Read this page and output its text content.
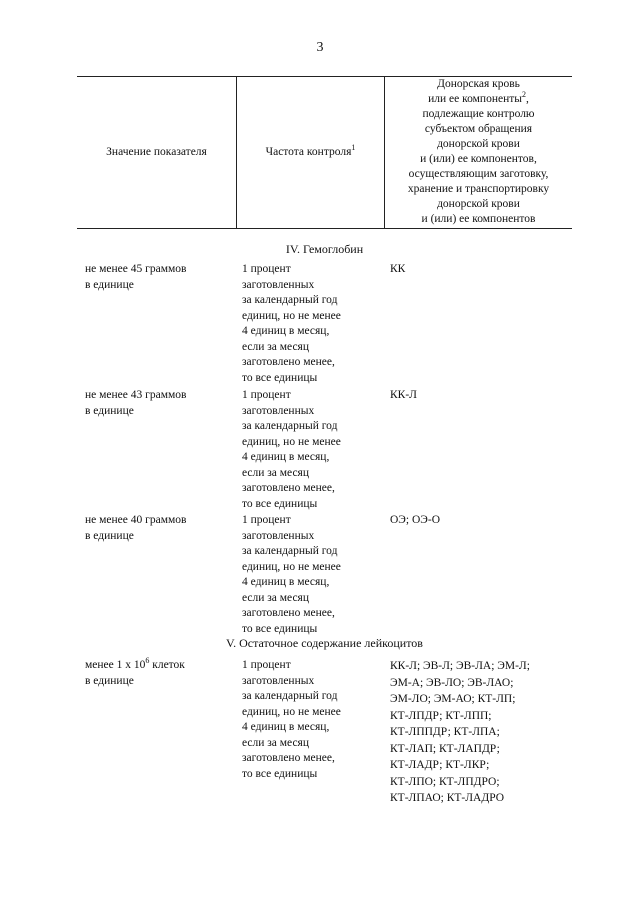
3
Значение показателя	Частота контроля$^1$
Донорская кровь
или ее компоненты$^2$,
подлежащие контролю
субъектом обращения
донорской крови
и (или) ее компонентов,
осуществляющим заготовку,
хранение и транспортировку
донорской крови
и (или) ее компонентов
IV. Гемоглобин
не менее 45 граммов
в единице
1 процент
заготовленных
за календарный год
единиц, но не менее
4 единиц в месяц,
если за месяц
заготовлено менее,
то все единицы
КК
не менее 43 граммов
в единице
1 процент
заготовленных
за календарный год
единиц, но не менее
4 единиц в месяц,
если за месяц
заготовлено менее,
то все единицы
КК-Л
не менее 40 граммов
в единице
1 процент
заготовленных
за календарный год
единиц, но не менее
4 единиц в месяц,
если за месяц
заготовлено менее,
то все единицы
ОЭ; ОЭ-О
V. Остаточное содержание лейкоцитов
менее 1 х $10^6$ клеток
в единице
1 процент
заготовленных
за календарный год
единиц, но не менее
4 единиц в месяц,
если за месяц
заготовлено менее,
то все единицы
КК-Л; ЭВ-Л; ЭВ-ЛА; ЭМ-Л;
ЭМ-А; ЭВ-ЛО; ЭВ-ЛАО;
ЭМ-ЛО; ЭМ-АО; КТ-ЛП;
КТ-ЛПДР; КТ-ЛПП;
КТ-ЛППДР; КТ-ЛПА;
КТ-ЛАП; КТ-ЛАПДР;
КТ-ЛАДР; КТ-ЛКР;
КТ-ЛПО; КТ-ЛПДРО;
КТ-ЛПАО; КТ-ЛАДРО
